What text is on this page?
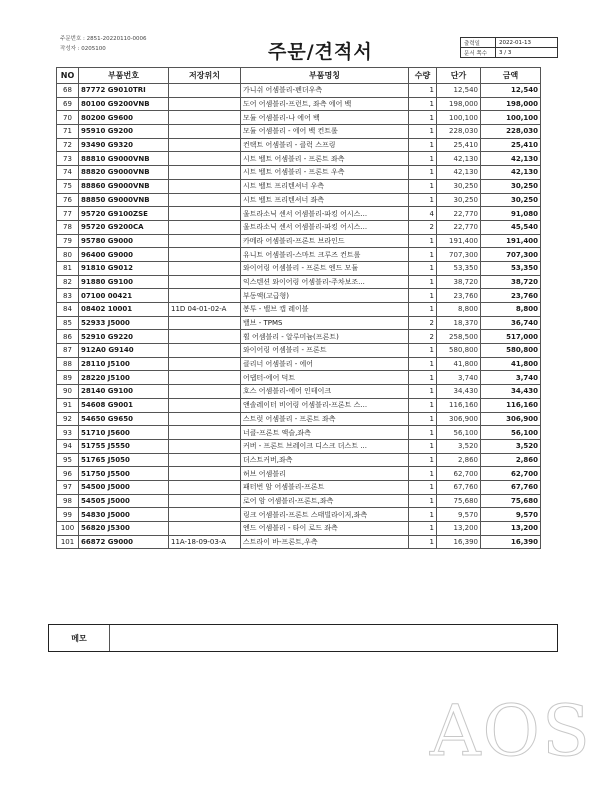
주문번호 : 2851-20220110-0006
작성자 : 0205100	주문/견적서	출력일	2022-01-13
문서 쪽수	3 / 3
NO	부품번호	저장위치	부품명칭	수량	단가	금액
68	87772 G9010TRI		가니쉬 어셈블리-펜더우측	1	12,540	12,540
69	80100 G9200VNB		도어 어셈블리-프런트, 좌측 에어 백	1	198,000	198,000
70	80200 G9600		모듈 어셈블리-나 에어 백	1	100,100	100,100
71	95910 G9200		모듈 어셈블리 - 에어 백 컨트롤	1	228,030	228,030
72	93490 G9320		컨택트 어셈블리 - 클럭 스프링	1	25,410	25,410
73	88810 G9000VNB		시트 벨트 어셈블리 - 프론트 좌측	1	42,130	42,130
74	88820 G9000VNB		시트 벨트 어셈블리 - 프론트 우측	1	42,130	42,130
75	88860 G9000VNB		시트 벨트 프리텐셔너 우측	1	30,250	30,250
76	88850 G9000VNB		시트 벨트 프리텐셔너 좌측	1	30,250	30,250
77	95720 G9100ZSE		울트라소닉 센서 어셈블리-파킹 어시스...	4	22,770	91,080
78	95720 G9200CA		울트라소닉 센서 어셈블리-파킹 어시스...	2	22,770	45,540
79	95780 G9000		카메라 어셈블리-프론트 브라인드	1	191,400	191,400
80	96400 G9000		유니트 어셈블리-스마트 크루즈 컨트롤	1	707,300	707,300
81	91810 G9012		와이어링 어셈블리 - 프론트 엔드 모듈	1	53,350	53,350
82	91880 G9100		익스텐션 와이어링 어셈블리-주차보조...	1	38,720	38,720
83	07100 00421		부동액(고급형)	1	23,760	23,760
84	08402 10001	11D 04-01-02-A	봉투 - 밸브 캡 레이블	1	8,800	8,800
85	52933 J5000		밸브 - TPMS	2	18,370	36,740
86	52910 G9220		휠 어셈블리 - 알루미늄(프론트)	2	258,500	517,000
87	912A0 G9140		와이어링 어셈블리 - 프론트	1	580,800	580,800
88	28110 J5100		클리너 어셈블리 - 에어	1	41,800	41,800
89	28220 J5100		어댑터-에어 덕트	1	3,740	3,740
90	28140 G9100		호스 어셈블리-에어 인테이크	1	34,430	34,430
91	54608 G9001		앤솔레이터 비어링 어셈블리-프론트 스...	1	116,160	116,160
92	54650 G9650		스트럿 어셈블리 - 프론트 좌측	1	306,900	306,900
93	51710 J5600		너클-프론트 액슬,좌측	1	56,100	56,100
94	51755 J5550		커버 - 프론트 브레이크 디스크 더스트 ...	1	3,520	3,520
95	51765 J5050		더스트커버,좌측	1	2,860	2,860
96	51750 J5500		허브 어셈블리	1	62,700	62,700
97	54500 J5000		패터번 암 어셈블리-프론트	1	67,760	67,760
98	54505 J5000		로어 암 어셈블리-프론트,좌측	1	75,680	75,680
99	54830 J5000		링크 어셈블리-프론트 스태빌라이저,좌측	1	9,570	9,570
100	56820 J5300		엔드 어셈블리 - 타이 로드 좌측	1	13,200	13,200
101	66872 G9000	11A-18-09-03-A	스트라이 바-프론트,우측	1	16,390	16,390
메모
AOS
